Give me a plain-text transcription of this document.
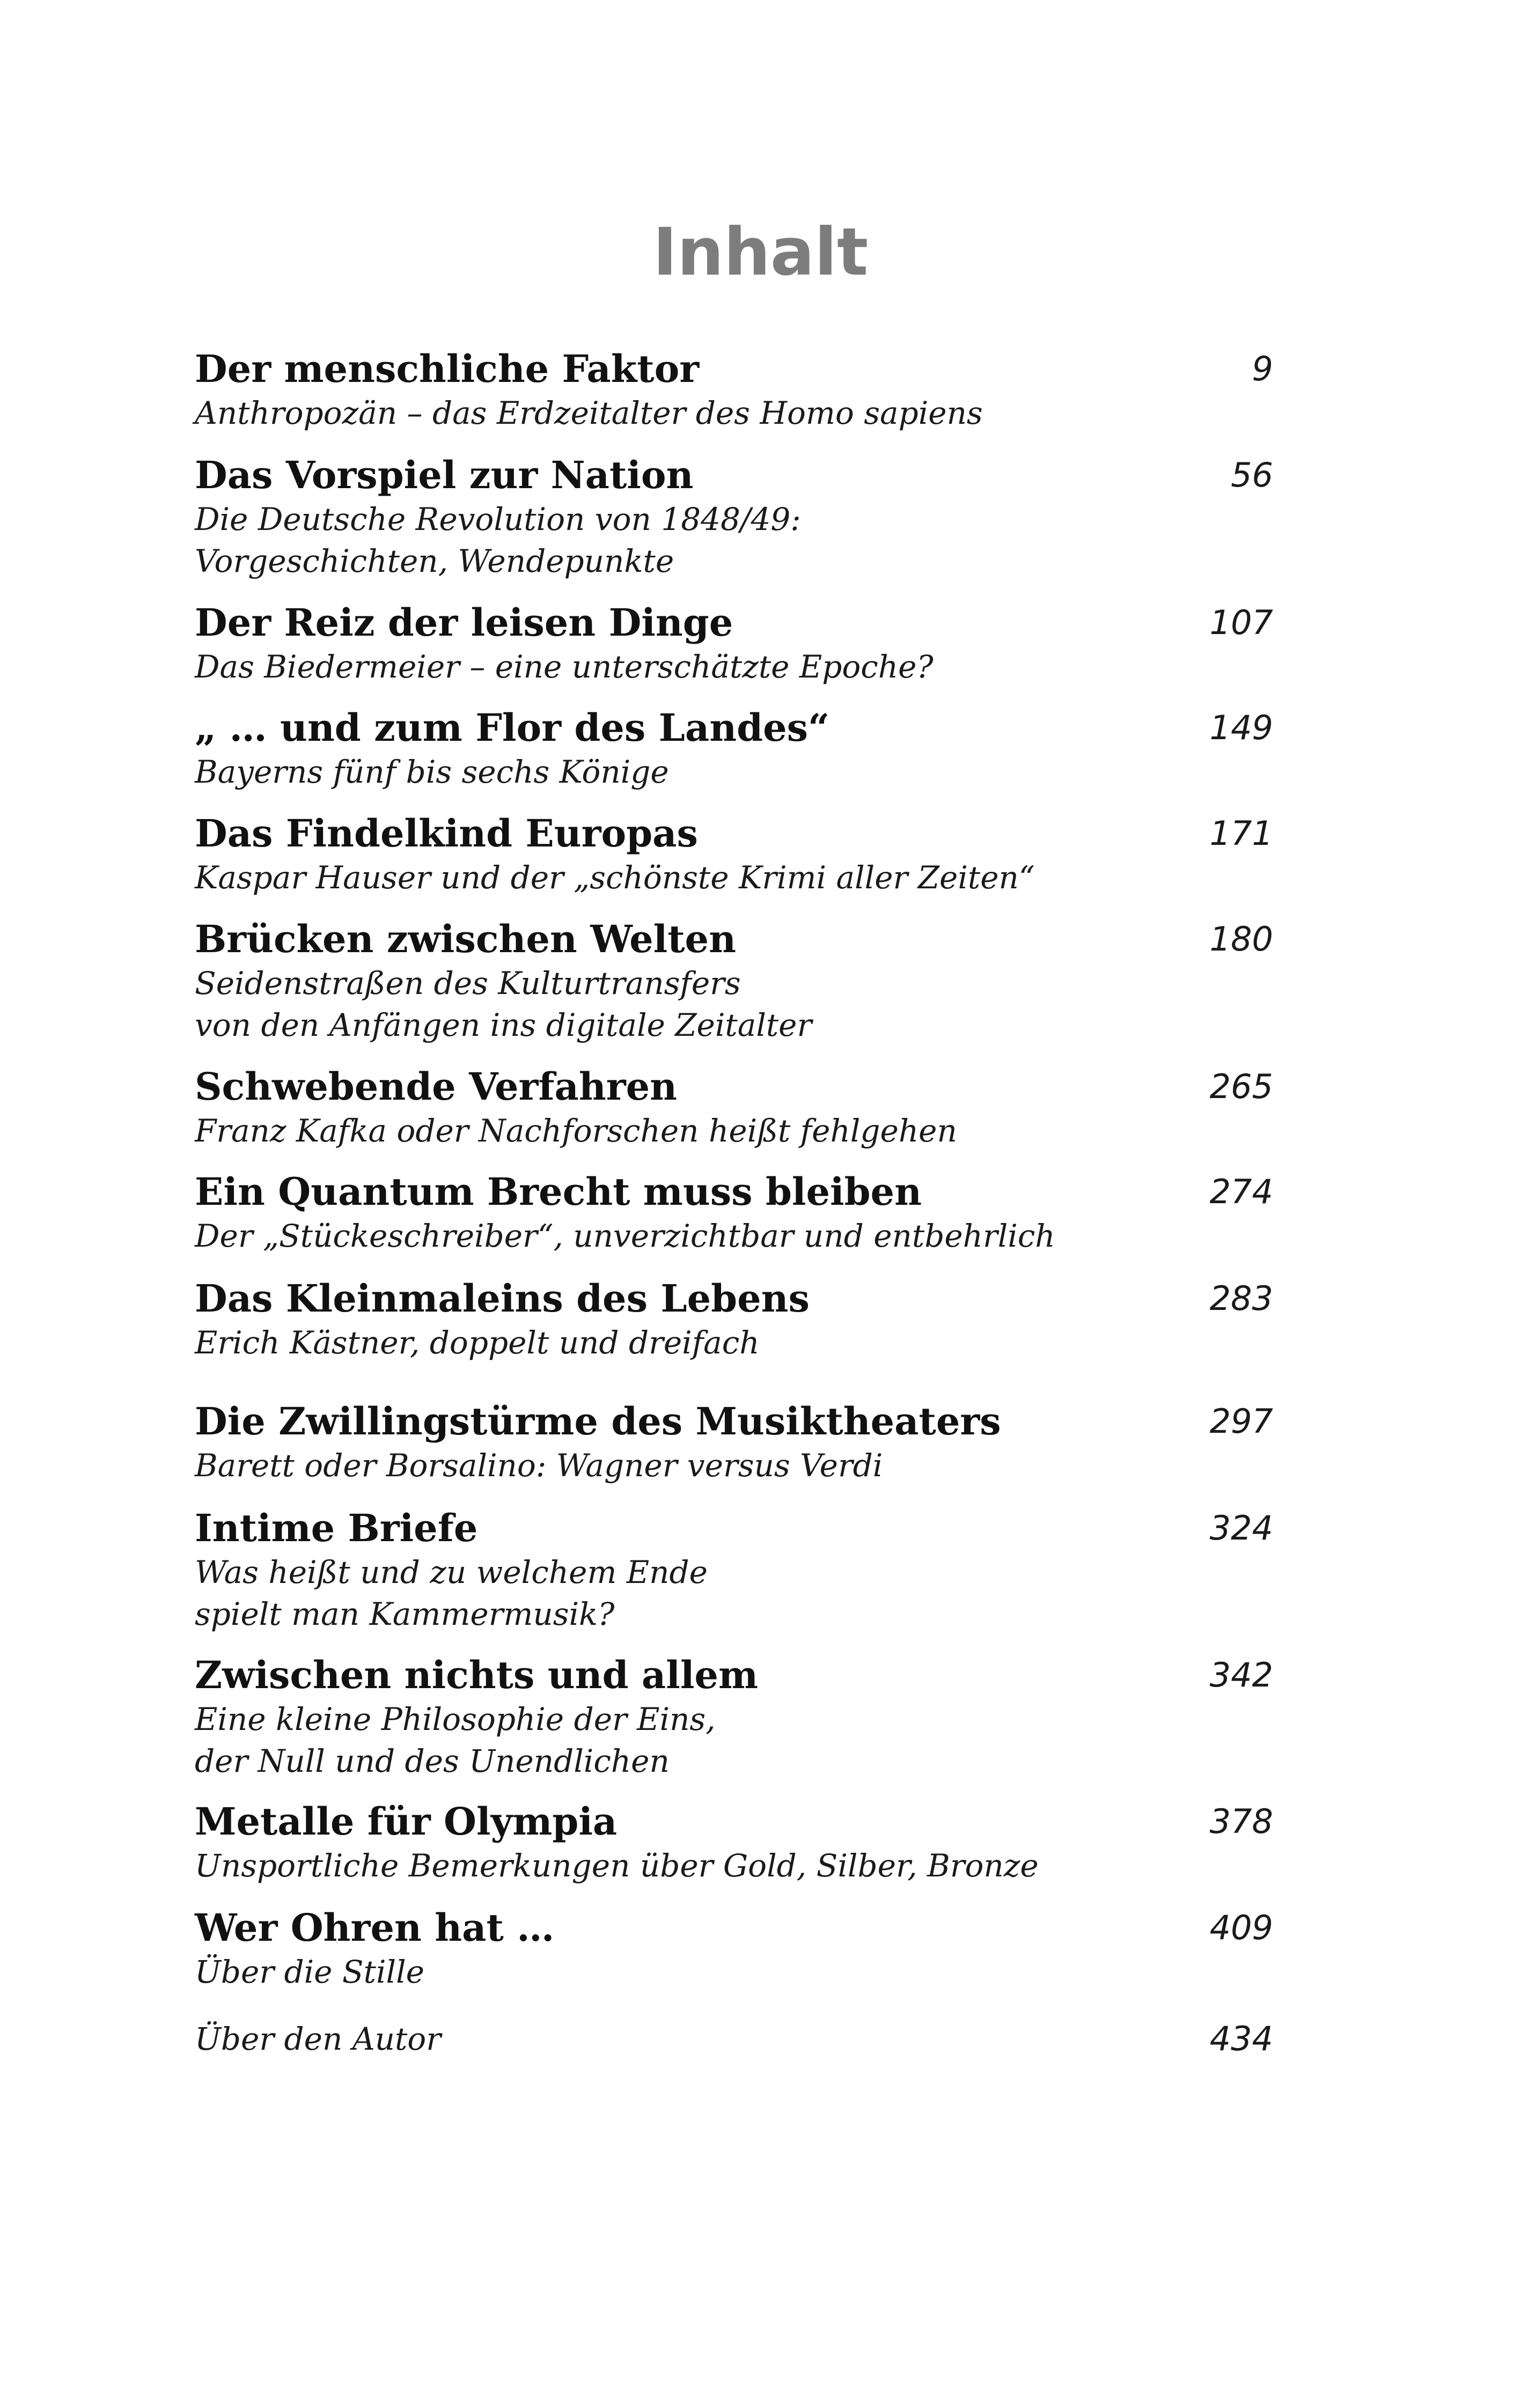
Inhalt
Der menschliche Faktor
Anthropozän – das Erdzeitalter des Homo sapiens
9
Das Vorspiel zur Nation
Die Deutsche Revolution von 1848/49:
Vorgeschichten, Wendepunkte
56
Der Reiz der leisen Dinge
Das Biedermeier – eine unterschätzte Epoche?
107
„ … und zum Flor des Landes“
Bayerns fünf bis sechs Könige
149
Das Findelkind Europas
Kaspar Hauser und der „schönste Krimi aller Zeiten“
171
Brücken zwischen Welten
Seidenstraßen des Kulturtransfers
von den Anfängen ins digitale Zeitalter
180
Schwebende Verfahren
Franz Kafka oder Nachforschen heißt fehlgehen
265
Ein Quantum Brecht muss bleiben
Der „Stückeschreiber“, unverzichtbar und entbehrlich
274
Das Kleinmaleins des Lebens
Erich Kästner, doppelt und dreifach
283
Die Zwillingstürme des Musiktheaters
Barett oder Borsalino: Wagner versus Verdi
297
Intime Briefe
Was heißt und zu welchem Ende
spielt man Kammermusik?
324
Zwischen nichts und allem
Eine kleine Philosophie der Eins,
der Null und des Unendlichen
342
Metalle für Olympia
Unsportliche Bemerkungen über Gold, Silber, Bronze
378
Wer Ohren hat …
Über die Stille
409
Über den Autor	434
